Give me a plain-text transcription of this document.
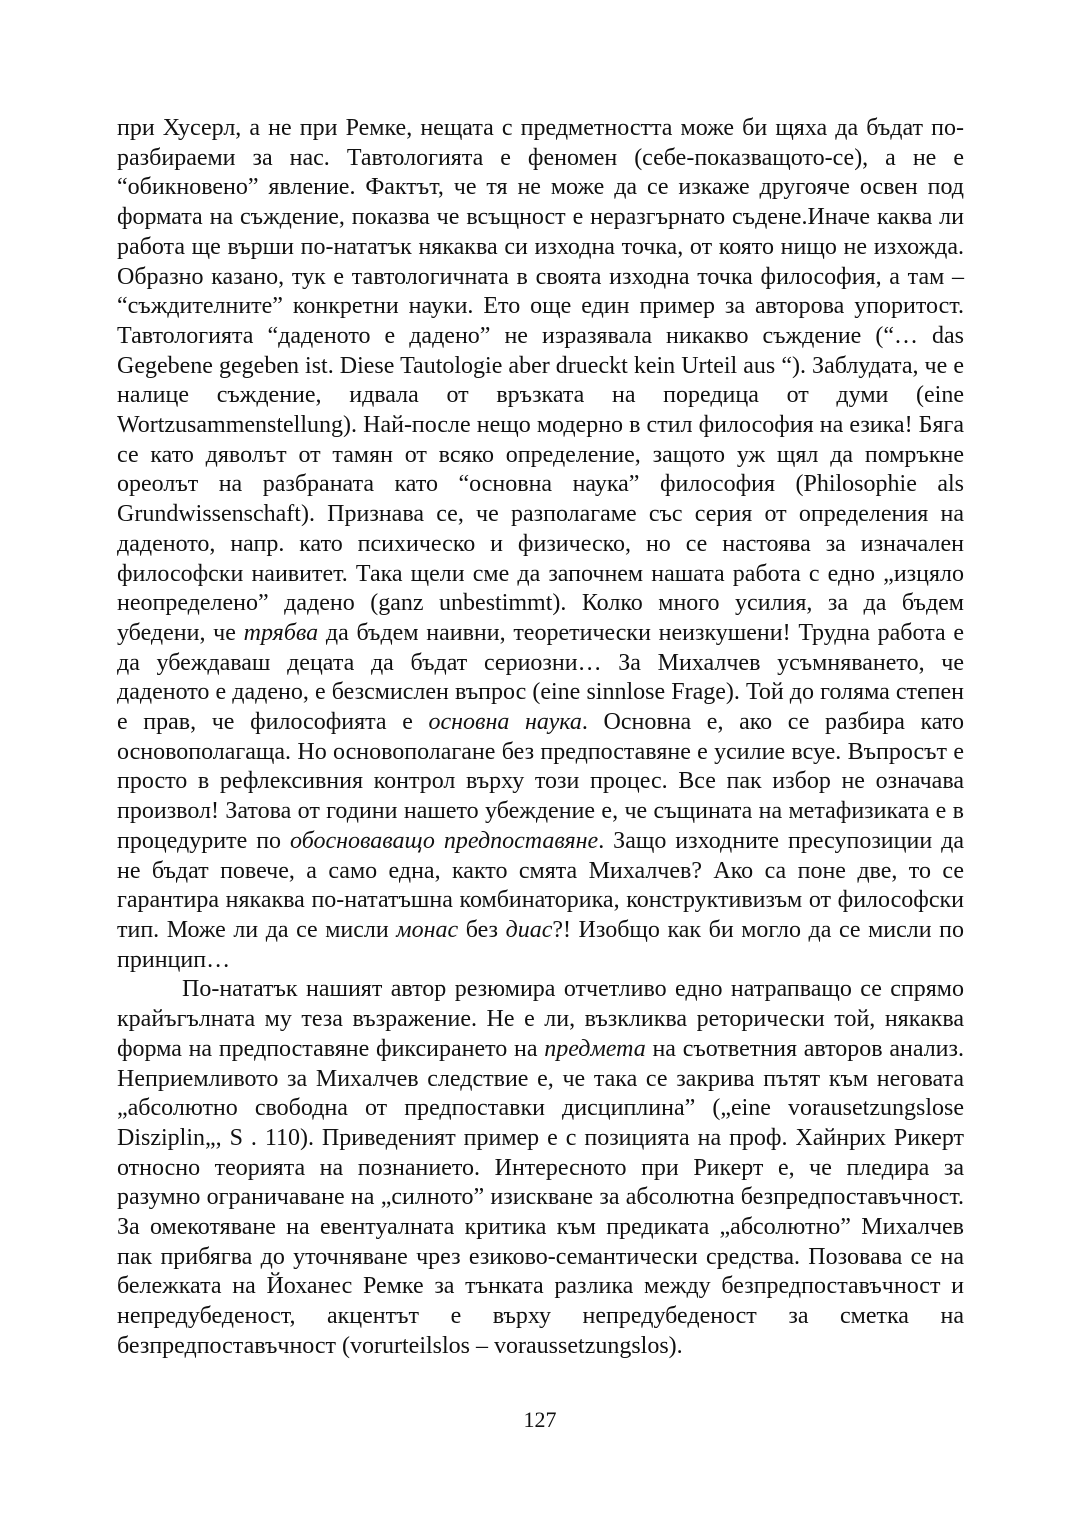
при Хусерл, а не при Ремке, нещата с предметността може би щяха да бъдат по-разбираеми за нас. Тавтологията е феномен (себе-показващото-се), а не е “обикновено” явление. Фактът, че тя не може да се изкаже другояче освен под формата на съждение, показва че всъщност е неразгърнато съдене.Иначе каква ли работа ще върши по-нататък някаква си изходна точка, от която нищо не изхожда. Образно казано, тук е тавтологичната в своята изходна точка философия, а там – “съждителните” конкретни науки. Ето още един пример за авторова упоритост. Тавтологията “даденото е дадено” не изразявала никакво съждение (“… das Gegebene gegeben ist. Diese Tautologie aber drueckt kein Urteil aus “). Заблудата, че е налице съждение, идвала от връзката на поредица от думи (eine Wortzusammenstellung). Най-после нещо модерно в стил философия на езика! Бяга се като дяволът от тамян от всяко определение, защото уж щял да помръкне ореолът на разбраната като “основна наука” философия (Philosophie als Grundwissenschaft). Признава се, че разполагаме със серия от определения на даденото, напр. като психическо и физическо, но се настоява за изначален философски наивитет. Така щели сме да започнем нашата работа с едно „изцяло неопределено” дадено (ganz unbestimmt). Колко много усилия, за да бъдем убедени, че трябва да бъдем наивни, теоретически неизкушени! Трудна работа е да убеждаваш децата да бъдат сериозни… За Михалчев усъмняването, че даденото е дадено, е безсмислен въпрос (eine sinnlose Frage). Той до голяма степен е прав, че философията е основна наука. Основна е, ако се разбира като основополагаща. Но основополагане без предпоставяне е усилие всуе. Въпросът е просто в рефлексивния контрол върху този процес. Все пак избор не означава произвол! Затова от години нашето убеждение е, че същината на метафизиката е в процедурите по обосноваващо предпоставяне. Защо изходните пресупозиции да не бъдат повече, а само една, както смята Михалчев? Ако са поне две, то се гарантира някаква по-нататъшна комбинаторика, конструктивизъм от философски тип. Може ли да се мисли монас без диас?! Изобщо как би могло да се мисли по принцип…

По-нататък нашият автор резюмира отчетливо едно натрапващо се спрямо крайъгълната му теза възражение. Не е ли, възкликва реторически той, някаква форма на предпоставяне фиксирането на предмета на съответния авторов анализ. Неприемливото за Михалчев следствие е, че така се закрива пътят към неговата „абсолютно свободна от предпоставки дисциплина” („eine vorausetzungslose Disziplin„, S . 110). Приведеният пример е с позицията на проф. Хайнрих Рикерт относно теорията на познанието. Интересното при Рикерт е, че пледира за разумно ограничаване на „силното” изискване за абсолютна безпредпоставъчност. За омекотяване на евентуалната критика към предиката „абсолютно” Михалчев пак прибягва до уточняване чрез езиково-семантически средства. Позовава се на бележката на Йоханес Ремке за тънката разлика между безпредпоставъчност и непредубеденост, акцентът е върху непредубеденост за сметка на безпредпоставъчност (vorurteilslos – voraussetzungslos).

127
